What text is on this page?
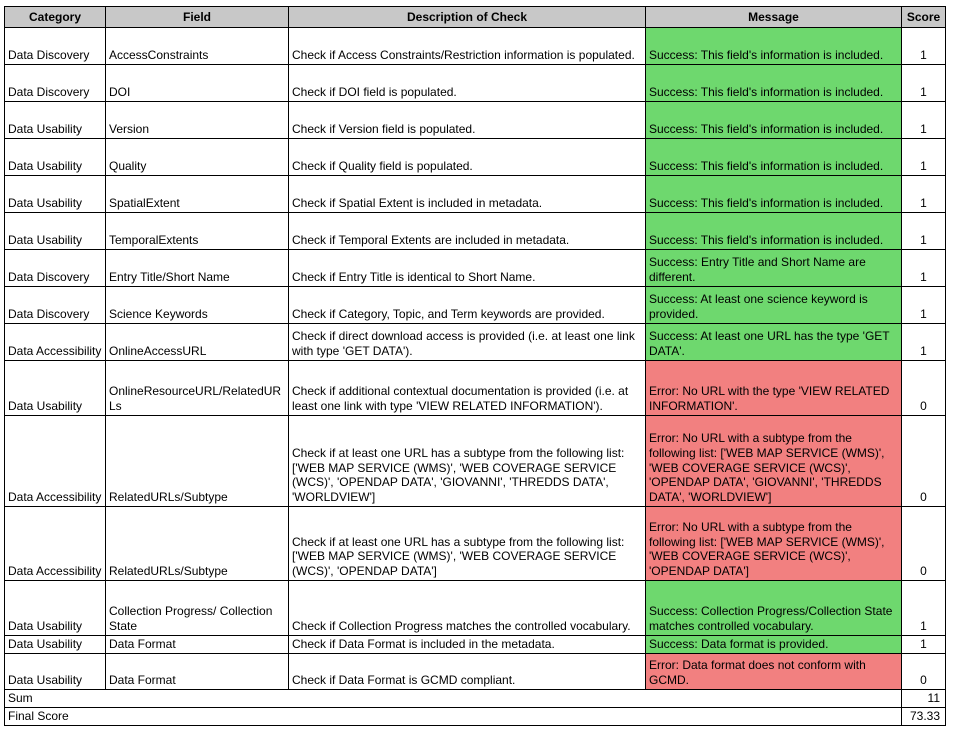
Category	Field	Description of Check	Message	Score
Data Discovery	AccessConstraints	Check if Access Constraints/Restriction information is populated.	Success: This field's information is included.	1
Data Discovery	DOI	Check if DOI field is populated.	Success: This field's information is included.	1
Data Usability	Version	Check if Version field is populated.	Success: This field's information is included.	1
Data Usability	Quality	Check if Quality field is populated.	Success: This field's information is included.	1
Data Usability	SpatialExtent	Check if Spatial Extent is included in metadata.	Success: This field's information is included.	1
Data Usability	TemporalExtents	Check if Temporal Extents are included in metadata.	Success: This field's information is included.	1
Data Discovery	Entry Title/Short Name	Check if Entry Title is identical to Short Name.	Success: Entry Title and Short Name are different.	1
Data Discovery	Science Keywords	Check if Category, Topic, and Term keywords are provided.	Success: At least one science keyword is provided.	1
Data Accessibility	OnlineAccessURL	Check if direct download access is provided (i.e. at least one link with type 'GET DATA').	Success: At least one URL has the type 'GET DATA'.	1
Data Usability	OnlineResourceURL/RelatedURLs	Check if additional contextual documentation is provided (i.e. at least one link with type 'VIEW RELATED INFORMATION').	Error: No URL with the type 'VIEW RELATED INFORMATION'.	0
Data Accessibility	RelatedURLs/Subtype	Check if at least one URL has a subtype from the following list: ['WEB MAP SERVICE (WMS)', 'WEB COVERAGE SERVICE (WCS)', 'OPENDAP DATA', 'GIOVANNI', 'THREDDS DATA', 'WORLDVIEW']	Error: No URL with a subtype from the following list: ['WEB MAP SERVICE (WMS)', 'WEB COVERAGE SERVICE (WCS)', 'OPENDAP DATA', 'GIOVANNI', 'THREDDS DATA', 'WORLDVIEW']	0
Data Accessibility	RelatedURLs/Subtype	Check if at least one URL has a subtype from the following list: ['WEB MAP SERVICE (WMS)', 'WEB COVERAGE SERVICE (WCS)', 'OPENDAP DATA']	Error: No URL with a subtype from the following list: ['WEB MAP SERVICE (WMS)', 'WEB COVERAGE SERVICE (WCS)', 'OPENDAP DATA']	0
Data Usability	Collection Progress/ Collection State	Check if Collection Progress matches the controlled vocabulary.	Success: Collection Progress/Collection State matches controlled vocabulary.	1
Data Usability	Data Format	Check if Data Format is included in the metadata.	Success: Data format is provided.	1
Data Usability	Data Format	Check if Data Format is GCMD compliant.	Error: Data format does not conform with GCMD.	0
Sum				11
Final Score				73.33
